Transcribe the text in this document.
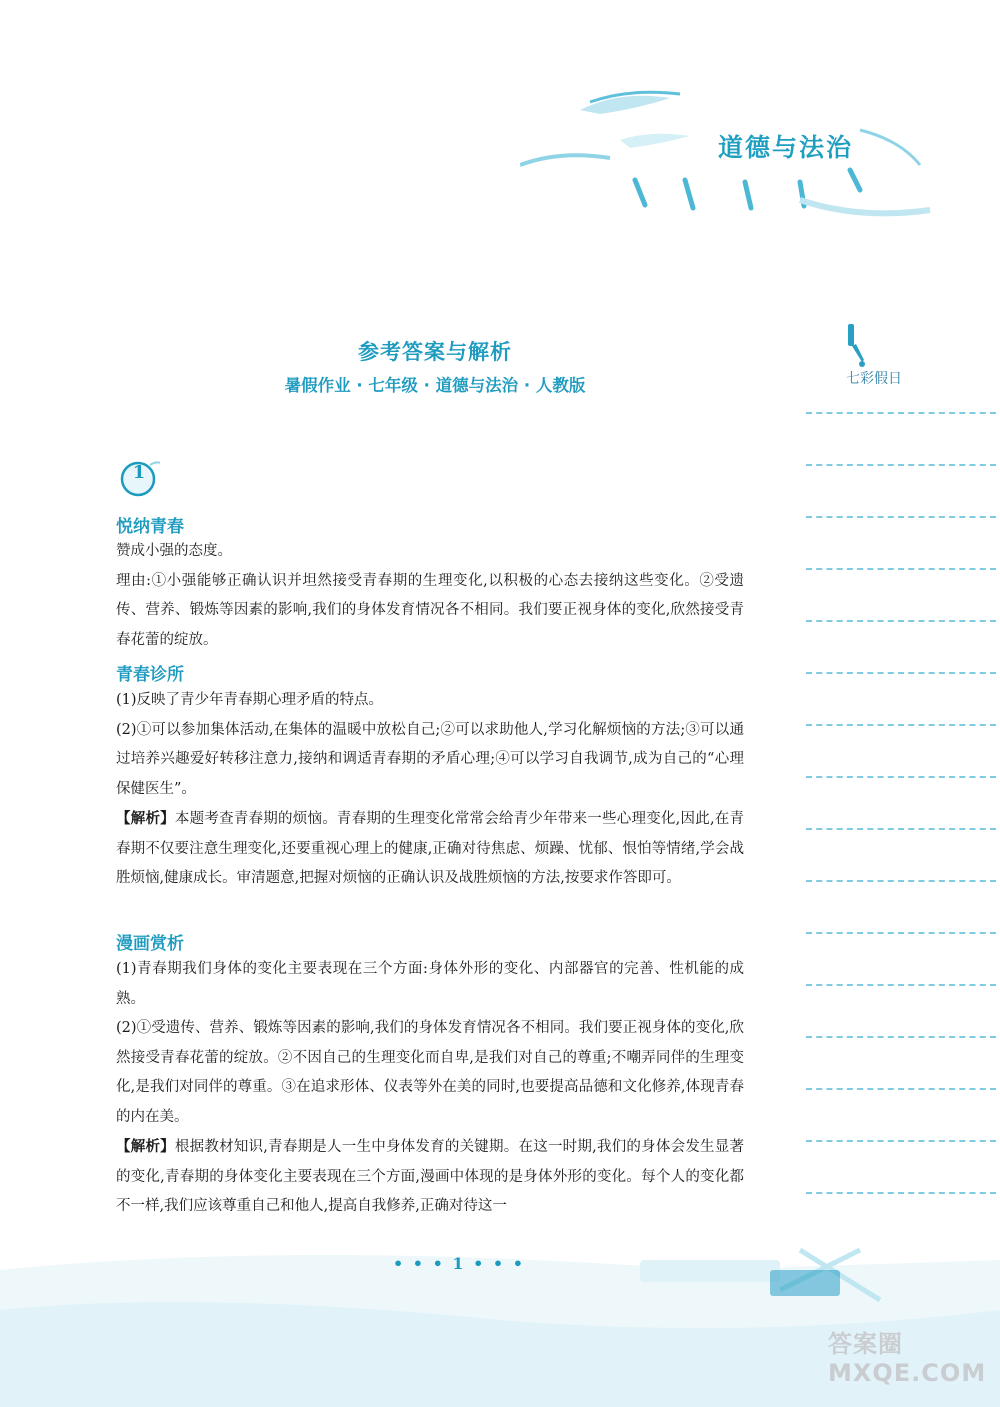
道德与法治
参考答案与解析
暑假作业 · 七年级 · 道德与法治 · 人教版	七彩假日
1
悦纳青春

赞成小强的态度。

理由:①小强能够正确认识并坦然接受青春期的生理变化,以积极的心态去接纳这些变化。②受遗传、营养、锻炼等因素的影响,我们的身体发育情况各不相同。我们要正视身体的变化,欣然接受青春花蕾的绽放。

青春诊所

(1)反映了青少年青春期心理矛盾的特点。

(2)①可以参加集体活动,在集体的温暖中放松自己;②可以求助他人,学习化解烦恼的方法;③可以通过培养兴趣爱好转移注意力,接纳和调适青春期的矛盾心理;④可以学习自我调节,成为自己的“心理保健医生”。

【解析】本题考查青春期的烦恼。青春期的生理变化常常会给青少年带来一些心理变化,因此,在青春期不仅要注意生理变化,还要重视心理上的健康,正确对待焦虑、烦躁、忧郁、恨怕等情绪,学会战胜烦恼,健康成长。审清题意,把握对烦恼的正确认识及战胜烦恼的方法,按要求作答即可。

漫画赏析

(1)青春期我们身体的变化主要表现在三个方面:身体外形的变化、内部器官的完善、性机能的成熟。

(2)①受遗传、营养、锻炼等因素的影响,我们的身体发育情况各不相同。我们要正视身体的变化,欣然接受青春花蕾的绽放。②不因自己的生理变化而自卑,是我们对自己的尊重;不嘲弄同伴的生理变化,是我们对同伴的尊重。③在追求形体、仪表等外在美的同时,也要提高品德和文化修养,体现青春的内在美。

【解析】根据教材知识,青春期是人一生中身体发育的关键期。在这一时期,我们的身体会发生显著的变化,青春期的身体变化主要表现在三个方面,漫画中体现的是身体外形的变化。每个人的变化都不一样,我们应该尊重自己和他人,提高自我修养,正确对待这一

• • • 1 • • •
答案圈 MXQE.COM
